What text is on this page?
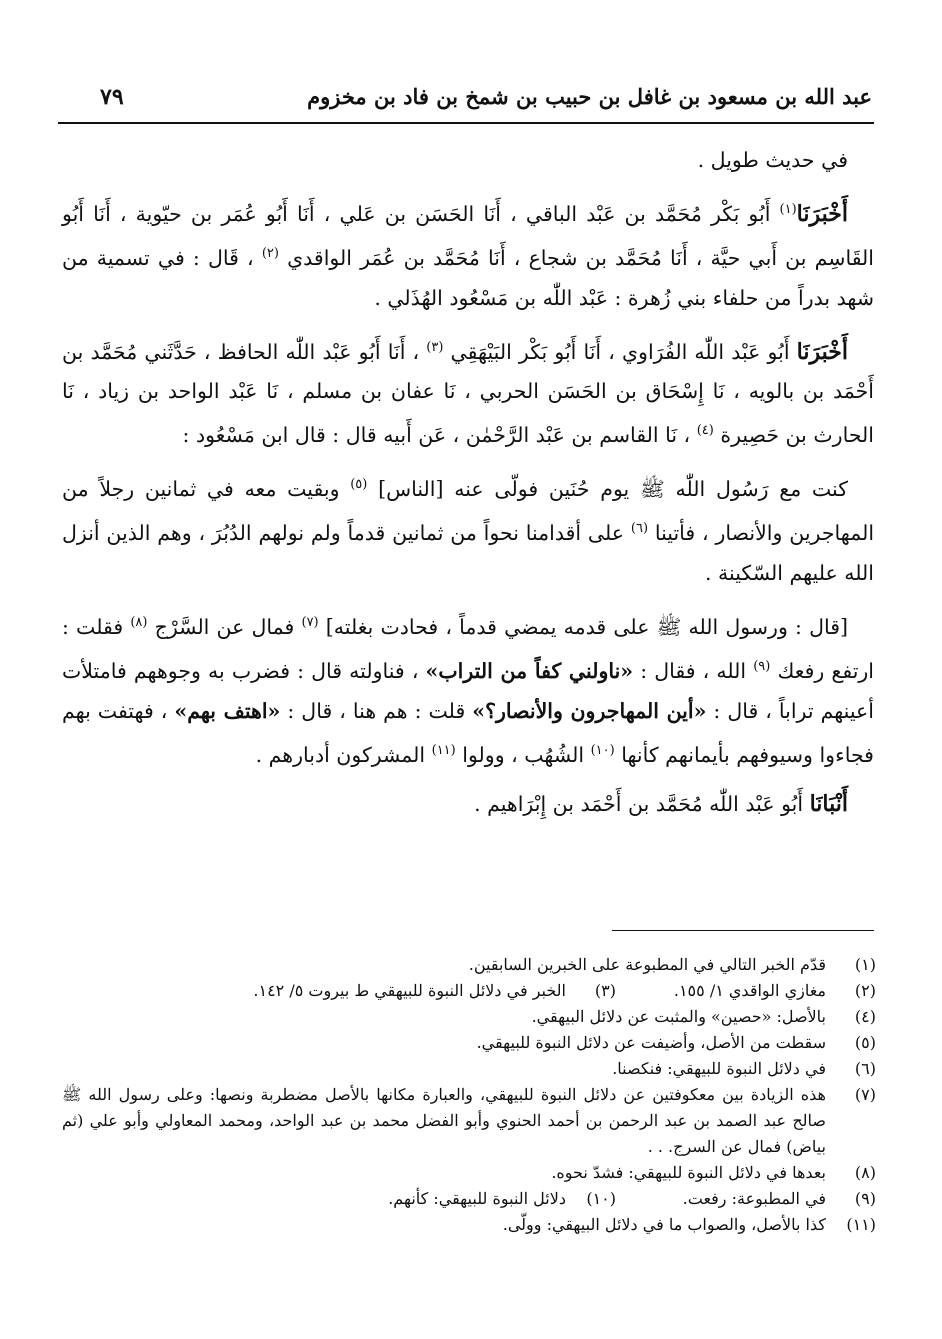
عبد الله بن مسعود بن غافل بن حبيب بن شمخ بن فاد بن مخزوم
٧٩

في حديث طويل .

أَخْبَرَنَا$^{(١)}$ أَبُو بَكْر مُحَمَّد بن عَبْد الباقي ، أَنَا الحَسَن بن عَلي ، أَنَا أَبُو عُمَر بن حيّوية ، أَنَا أَبُو القَاسِم بن أَبي حيَّة ، أَنَا مُحَمَّد بن شجاع ، أَنَا مُحَمَّد بن عُمَر الواقدي $^{(٢)}$ ، قَال : في تسمية من شهد بدراً من حلفاء بني زُهرة : عَبْد اللّٰه بن مَسْعُود الهُذَلي .

أَخْبَرَنَا أَبُو عَبْد اللّٰه الفُرَاوي ، أَنَا أَبُو بَكْر البَيْهَقِي $^{(٣)}$ ، أَنَا أَبُو عَبْد اللّٰه الحافظ ، حَدَّثَني مُحَمَّد بن أَحْمَد بن بالويه ، نَا إِسْحَاق بن الحَسَن الحربي ، نَا عفان بن مسلم ، نَا عَبْد الواحد بن زياد ، نَا الحارث بن حَصِيرة $^{(٤)}$ ، نَا القاسم بن عَبْد الرَّحْمٰن ، عَن أَبيه قال : قال ابن مَسْعُود :

كنت مع رَسُول اللّٰه ﷺ يوم حُنَين فولّى عنه [الناس] $^{(٥)}$ وبقيت معه في ثمانين رجلاً من المهاجرين والأنصار ، فأتينا $^{(٦)}$ على أقدامنا نحواً من ثمانين قدماً ولم نولهم الدُبُرَ ، وهم الذين أنزل الله عليهم السّكينة .

[قال : ورسول الله ﷺ على قدمه يمضي قدماً ، فحادت بغلته] $^{(٧)}$ فمال عن السَّرْج $^{(٨)}$ فقلت : ارتفع رفعك $^{(٩)}$ الله ، فقال : «ناولني كفاً من التراب» ، فناولته قال : فضرب به وجوههم فامتلأت أعينهم تراباً ، قال : «أين المهاجرون والأنصار؟» قلت : هم هنا ، قال : «اهتف بهم» ، فهتفت بهم فجاءوا وسيوفهم بأيمانهم كأنها $^{(١٠)}$ الشُهُب ، وولوا $^{(١١)}$ المشركون أدبارهم .

أَنْبَانَا أَبُو عَبْد اللّٰه مُحَمَّد بن أَحْمَد بن إِبْرَاهيم .

(١)
قدّم الخبر التالي في المطبوعة على الخبرين السابقين.
(٢)
مغازي الواقدي ١/ ١٥٥.
(٣)
الخبر في دلائل النبوة للبيهقي ط بيروت ٥/ ١٤٢.
(٤)
بالأصل: «حصين» والمثبت عن دلائل البيهقي.
(٥)
سقطت من الأصل، وأضيفت عن دلائل النبوة للبيهقي.
(٦)
في دلائل النبوة للبيهقي: فنكصنا.
(٧)
هذه الزيادة بين معكوفتين عن دلائل النبوة للبيهقي، والعبارة مكانها بالأصل مضطربة ونصها: وعلى رسول الله ﷺ صالح عبد الصمد بن عبد الرحمن بن أحمد الحنوي وأبو الفضل محمد بن عبد الواحد، ومحمد المعاولي وأبو علي (ثم بياض) فمال عن السرج. . .
(٨)
بعدها في دلائل النبوة للبيهقي: فشدّ نحوه.
(٩)
في المطبوعة: رفعت.
(١٠)
دلائل النبوة للبيهقي: كأنهم.
(١١)
كذا بالأصل، والصواب ما في دلائل البيهقي: وولّى.
